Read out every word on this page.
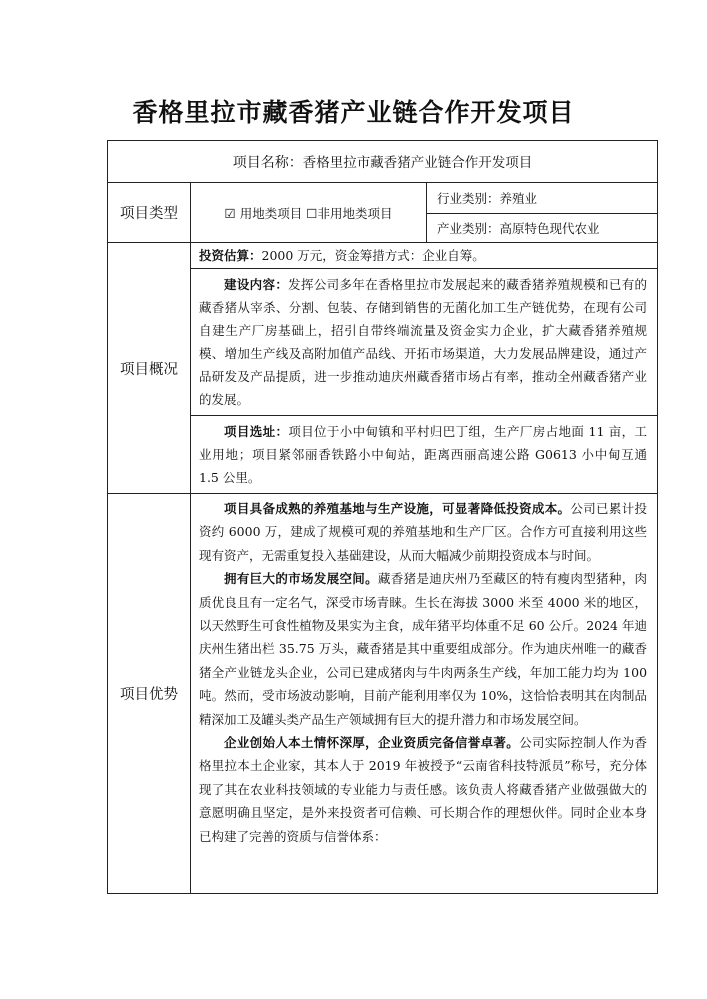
香格里拉市藏香猪产业链合作开发项目
项目名称：香格里拉市藏香猪产业链合作开发项目		
项目类型	☑ 用地类项目 ☐非用地类项目	行业类别：养殖业
		产业类别：高原特色现代农业
项目概况	投资估算：2000 万元，资金筹措方式：企业自筹。	
	建设内容：发挥公司多年在香格里拉市发展起来的藏香猪养殖规模和已有的藏香猪从宰杀、分割、包装、存储到销售的无菌化加工生产链优势，在现有公司自建生产厂房基础上，招引自带终端流量及资金实力企业，扩大藏香猪养殖规模、增加生产线及高附加值产品线、开拓市场渠道，大力发展品牌建设，通过产品研发及产品提质，进一步推动迪庆州藏香猪市场占有率，推动全州藏香猪产业的发展。	
	项目选址：项目位于小中甸镇和平村归巴丁组，生产厂房占地面 11 亩，工业用地；项目紧邻丽香铁路小中甸站，距离西丽高速公路 G0613 小中甸互通 1.5 公里。	
项目优势	项目具备成熟的养殖基地与生产设施，可显著降低投资成本。公司已累计投资约 6000 万，建成了规模可观的养殖基地和生产厂区。合作方可直接利用这些现有资产，无需重复投入基础建设，从而大幅减少前期投资成本与时间。

拥有巨大的市场发展空间。藏香猪是迪庆州乃至藏区的特有瘦肉型猪种，肉质优良且有一定名气，深受市场青睐。生长在海拔 3000 米至 4000 米的地区，以天然野生可食性植物及果实为主食，成年猪平均体重不足 60 公斤。2024 年迪庆州生猪出栏 35.75 万头，藏香猪是其中重要组成部分。作为迪庆州唯一的藏香猪全产业链龙头企业，公司已建成猪肉与牛肉两条生产线，年加工能力均为 100 吨。然而，受市场波动影响，目前产能利用率仅为 10%，这恰恰表明其在肉制品精深加工及罐头类产品生产领域拥有巨大的提升潜力和市场发展空间。

企业创始人本土情怀深厚，企业资质完备信誉卓著。公司实际控制人作为香格里拉本土企业家，其本人于 2019 年被授予“云南省科技特派员”称号，充分体现了其在农业科技领域的专业能力与责任感。该负责人将藏香猪产业做强做大的意愿明确且坚定，是外来投资者可信赖、可长期合作的理想伙伴。同时企业本身已构建了完善的资质与信誉体系：	
